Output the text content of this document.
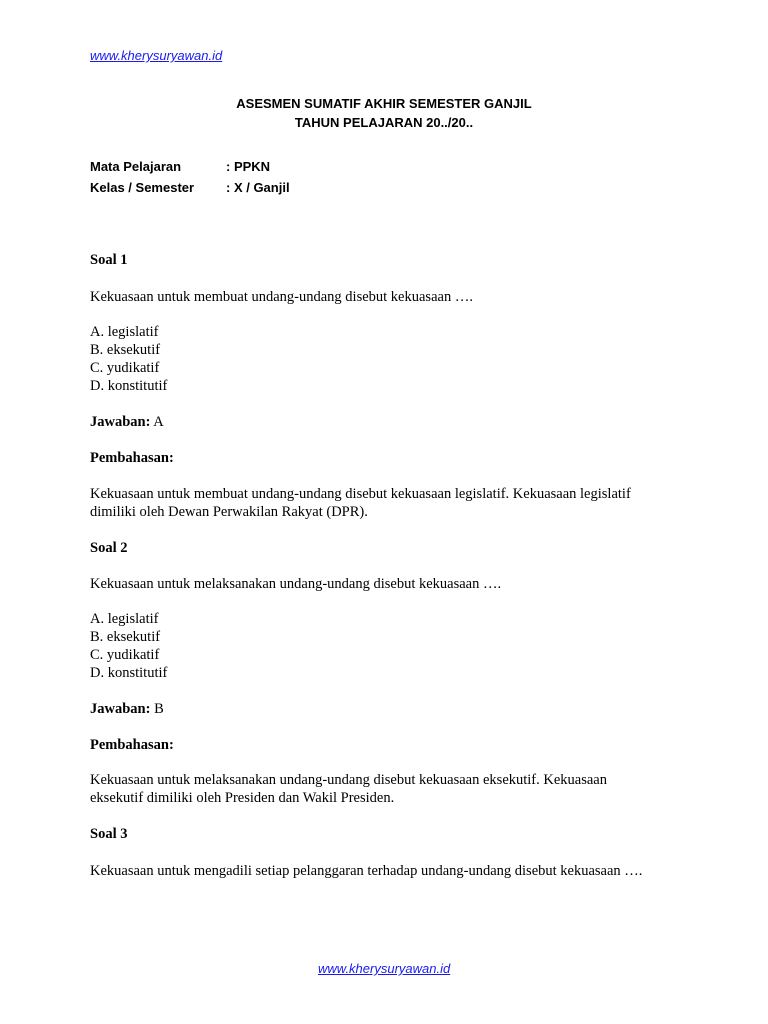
www.kherysuryawan.id
ASESMEN SUMATIF AKHIR SEMESTER GANJIL
TAHUN PELAJARAN 20../20..
Mata Pelajaran	: PPKN
Kelas / Semester : X / Ganjil
Soal 1
Kekuasaan untuk membuat undang-undang disebut kekuasaan ….
A. legislatif
B. eksekutif
C. yudikatif
D. konstitutif
Jawaban: A
Pembahasan:
Kekuasaan untuk membuat undang-undang disebut kekuasaan legislatif. Kekuasaan legislatif
dimiliki oleh Dewan Perwakilan Rakyat (DPR).
Soal 2
Kekuasaan untuk melaksanakan undang-undang disebut kekuasaan ….
A. legislatif
B. eksekutif
C. yudikatif
D. konstitutif
Jawaban: B
Pembahasan:
Kekuasaan untuk melaksanakan undang-undang disebut kekuasaan eksekutif. Kekuasaan
eksekutif dimiliki oleh Presiden dan Wakil Presiden.
Soal 3
Kekuasaan untuk mengadili setiap pelanggaran terhadap undang-undang disebut kekuasaan ….
www.kherysuryawan.id
